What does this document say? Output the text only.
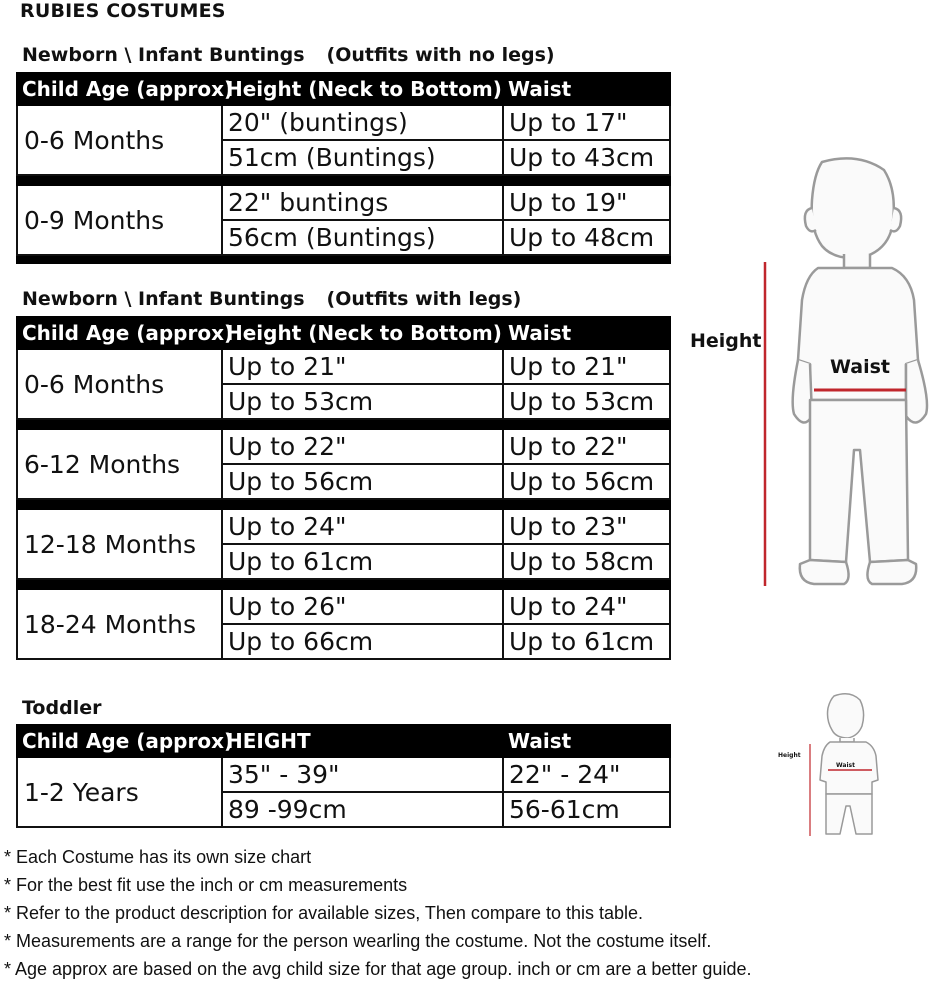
RUBIES COSTUMES
Newborn \ Infant Buntings (Outfits with no legs)
Child Age (approx)
Height (Neck to Bottom) Waist
0-6 Months
20" (buntings)
51cm (Buntings)
Up to 17"
Up to 43cm
0-9 Months
22" buntings
56cm (Buntings)
Up to 19"
Up to 48cm
Newborn \ Infant Buntings (Outfits with legs)
Child Age (approx)
Height (Neck to Bottom) Waist
0-6 Months
Up to 21"
Up to 53cm
Up to 21"
Up to 53cm
6-12 Months
Up to 22"
Up to 56cm
Up to 22"
Up to 56cm
12-18 Months
Up to 24"
Up to 61cm
Up to 23"
Up to 58cm
18-24 Months
Up to 26"
Up to 66cm
Up to 24"
Up to 61cm
Toddler
Child Age (approx)
HEIGHT	Waist
1-2 Years
35" - 39"
89 -99cm
22" - 24"
56-61cm
Height
Waist
Height
Waist
* Each Costume has its own size chart
* For the best fit use the inch or cm measurements
* Refer to the product description for available sizes, Then compare to this table.
* Measurements are a range for the person wearling the costume. Not the costume itself.
* Age approx are based on the avg child size for that age group. inch or cm are a better guide.
